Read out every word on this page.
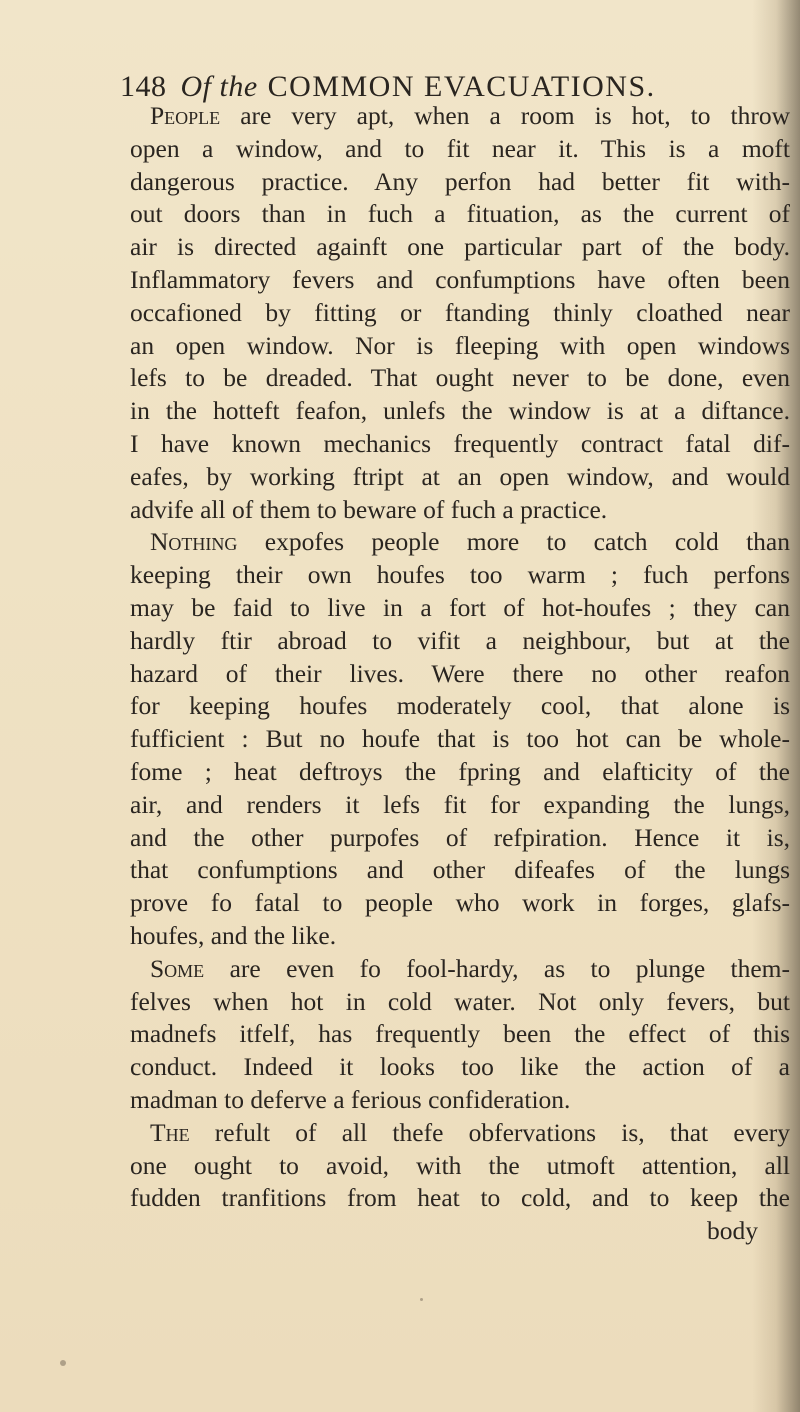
148 Of the COMMON EVACUATIONS.
People are very apt, when a room is hot, to throw
open a window, and to fit near it. This is a moft
dangerous practice. Any perfon had better fit with-
out doors than in fuch a fituation, as the current of
air is directed againft one particular part of the body.
Inflammatory fevers and confumptions have often been
occafioned by fitting or ftanding thinly cloathed near
an open window. Nor is fleeping with open windows
lefs to be dreaded. That ought never to be done, even
in the hotteft feafon, unlefs the window is at a diftance.
I have known mechanics frequently contract fatal dif-
eafes, by working ftript at an open window, and would
advife all of them to beware of fuch a practice.
Nothing expofes people more to catch cold than
keeping their own houfes too warm ; fuch perfons
may be faid to live in a fort of hot-houfes ; they can
hardly ftir abroad to vifit a neighbour, but at the
hazard of their lives. Were there no other reafon
for keeping houfes moderately cool, that alone is
fufficient : But no houfe that is too hot can be whole-
fome ; heat deftroys the fpring and elafticity of the
air, and renders it lefs fit for expanding the lungs,
and the other purpofes of refpiration. Hence it is,
that confumptions and other difeafes of the lungs
prove fo fatal to people who work in forges, glafs-
houfes, and the like.
Some are even fo fool-hardy, as to plunge them-
felves when hot in cold water. Not only fevers, but
madnefs itfelf, has frequently been the effect of this
conduct. Indeed it looks too like the action of a
madman to deferve a ferious confideration.
The refult of all thefe obfervations is, that every
one ought to avoid, with the utmoft attention, all
fudden tranfitions from heat to cold, and to keep the
body
